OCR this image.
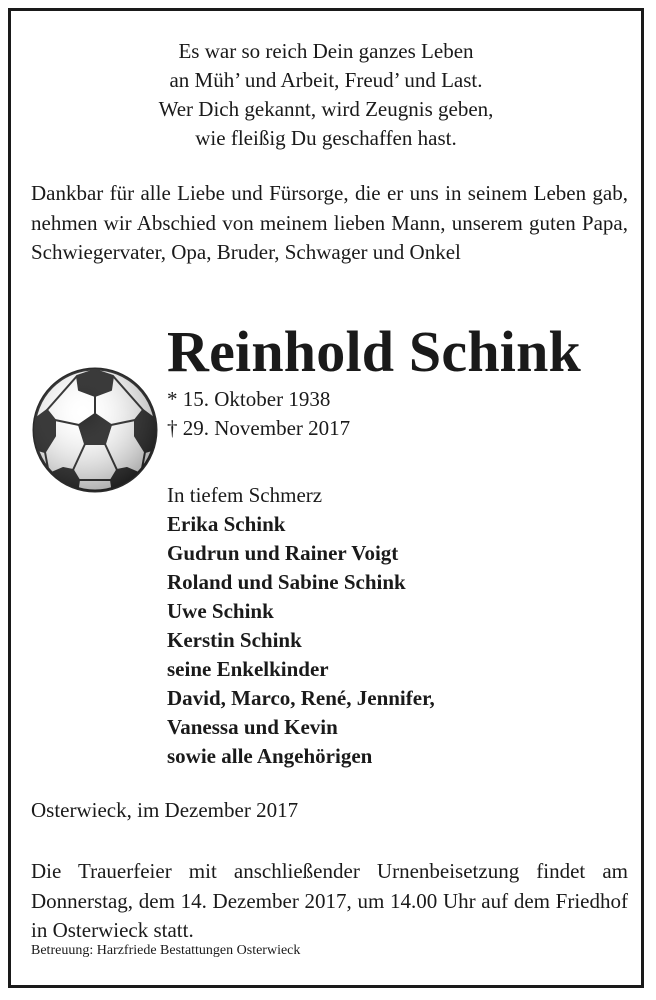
Es war so reich Dein ganzes Leben
an Müh’ und Arbeit, Freud’ und Last.
Wer Dich gekannt, wird Zeugnis geben,
wie fleißig Du geschaffen hast.
Dankbar für alle Liebe und Fürsorge, die er uns in seinem Leben gab, nehmen wir Abschied von meinem lieben Mann, unserem guten Papa, Schwiegervater, Opa, Bruder, Schwager und Onkel
Reinhold Schink
* 15. Oktober 1938
† 29. November 2017
In tiefem Schmerz
Erika Schink
Gudrun und Rainer Voigt
Roland und Sabine Schink
Uwe Schink
Kerstin Schink
seine Enkelkinder
David, Marco, René, Jennifer,
Vanessa und Kevin
sowie alle Angehörigen
Osterwieck, im Dezember 2017
Die Trauerfeier mit anschließender Urnenbeisetzung findet am Donnerstag, dem 14. Dezember 2017, um 14.00 Uhr auf dem Friedhof in Osterwieck statt.
Betreuung: Harzfriede Bestattungen Osterwieck
